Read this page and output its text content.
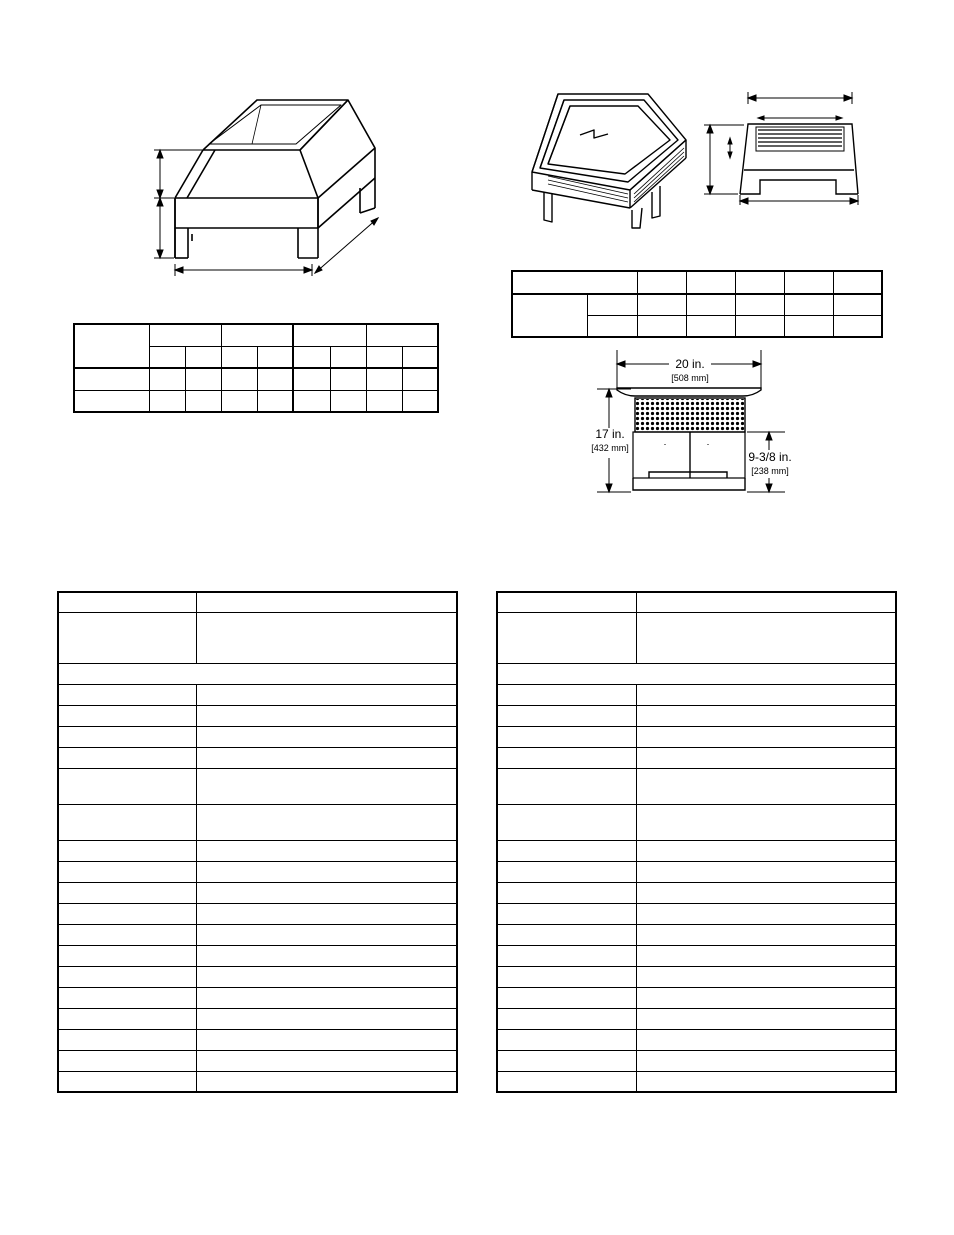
20 in.
[508 mm]
17 in.
[432 mm]
9-3/8 in.
[238 mm]
